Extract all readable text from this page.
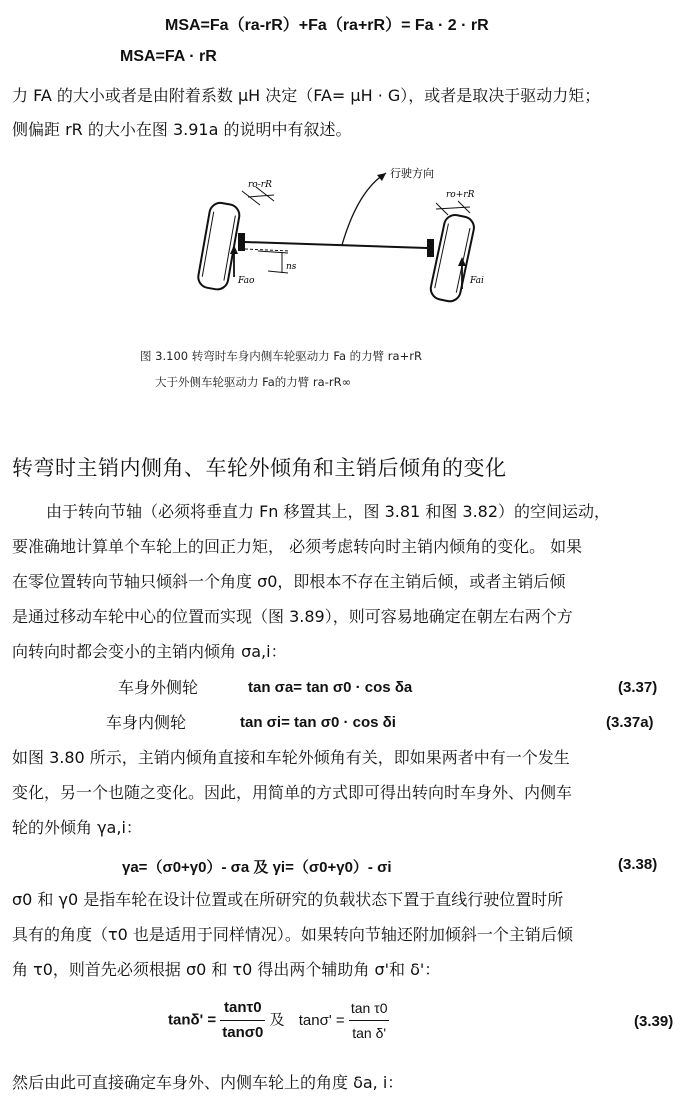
MSA=Fa（ra-rR）+Fa（ra+rR）= Fa · 2 · rR
MSA=FA · rR
力 FA 的大小或者是由附着系数 μH 决定（FA= μH · G），或者是取决于驱动力矩；
侧偏距 rR 的大小在图 3.91a 的说明中有叙述。
行驶方向
ro-rR
ro+rR
ns
Fao	Fai
图 3.100 转弯时车身内侧车轮驱动力 Fa 的力臂 ra+rR
大于外侧车轮驱动力 Fa的力臂 ra-rR∞
转弯时主销内侧角、车轮外倾角和主销后倾角的变化
由于转向节轴（必须将垂直力 Fn 移置其上，图 3.81 和图 3.82）的空间运动，
要准确地计算单个车轮上的回正力矩， 必须考虑转向时主销内倾角的变化。 如果
在零位置转向节轴只倾斜一个角度 σ0，即根本不存在主销后倾，或者主销后倾
是通过移动车轮中心的位置而实现（图 3.89），则可容易地确定在朝左右两个方
向转向时都会变小的主销内倾角 σa,i：
车身外侧轮	tan σa= tan σ0 · cos δa	(3.37)
车身内侧轮	tan σi= tan σ0 · cos δi	(3.37a)
如图 3.80 所示，主销内倾角直接和车轮外倾角有关，即如果两者中有一个发生
变化，另一个也随之变化。因此，用简单的方式即可得出转向时车身外、内侧车
轮的外倾角 γa,i：
γa=（σ0+γ0）- σa 及 γi=（σ0+γ0）- σi	(3.38)
σ0 和 γ0 是指车轮在设计位置或在所研究的负载状态下置于直线行驶位置时所
具有的角度（τ0 也是适用于同样情况）。如果转向节轴还附加倾斜一个主销后倾
角 τ0，则首先必须根据 σ0 和 τ0 得出两个辅助角 σ'和 δ'：
$\tan\delta' = \frac{\tan\tau 0}{\tan\sigma 0}$ 及 $\tan\sigma' = \frac{\text{tan τ0}}{\text{tan δ'}}$	(3.39)
然后由此可直接确定车身外、内侧车轮上的角度 δa, i：
